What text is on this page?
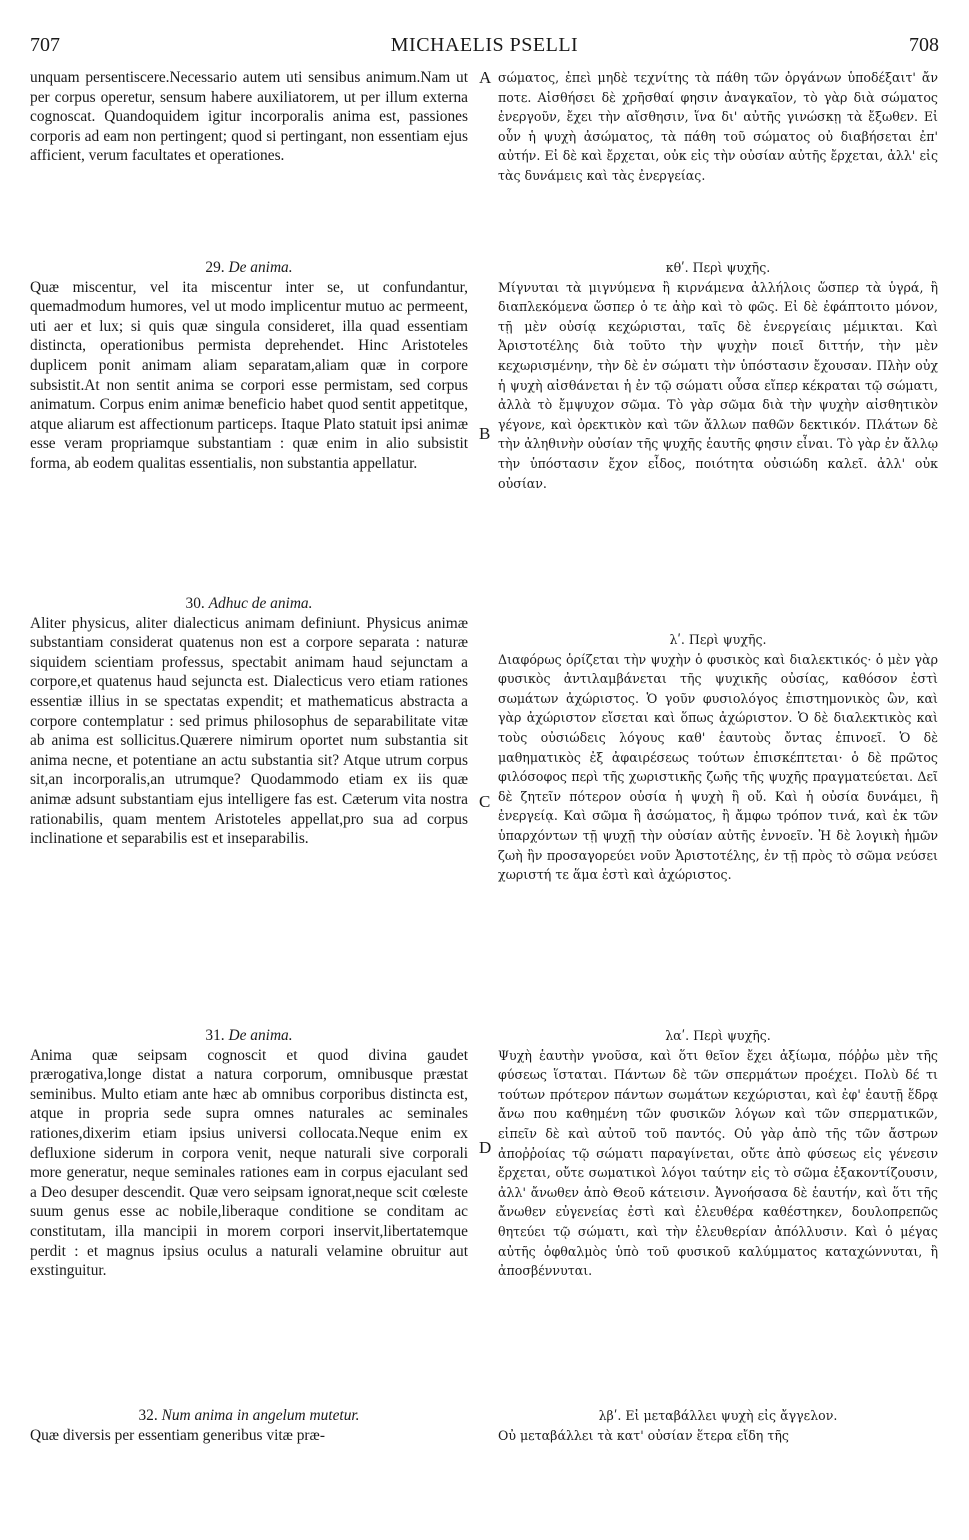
707	MICHAELIS PSELLI	708
A
B
C
D

unquam persentiscere.Necessario autem uti sensibus animum.Nam ut per corpus operetur, sensum habere auxiliatorem, ut per illum externa cognoscat. Quandoquidem igitur incorporalis anima est, passiones corporis ad eam non pertingent; quod si pertingant, non essentiam ejus afficient, verum facultates et operationes.

29. De anima.

Quæ miscentur, vel ita miscentur inter se, ut confundantur, quemadmodum humores, vel ut modo implicentur mutuo ac permeent, uti aer et lux; si quis quæ singula consideret, illa quad essentiam distincta, operationibus permista deprehendet. Hinc Aristoteles duplicem ponit animam aliam separatam,aliam quæ in corpore subsistit.At non sentit anima se corpori esse permistam, sed corpus animatum. Corpus enim animæ beneficio habet quod sentit appetitque, atque aliarum est affectionum particeps. Itaque Plato statuit ipsi animæ esse veram propriamque substantiam : quæ enim in alio subsistit forma, ab eodem qualitas essentialis, non substantia appellatur.

30. Adhuc de anima.

Aliter physicus, aliter dialecticus animam definiunt. Physicus animæ substantiam considerat quatenus non est a corpore separata : naturæ siquidem scientiam professus, spectabit animam haud sejunctam a corpore,et quatenus haud sejuncta est. Dialecticus vero etiam rationes essentiæ illius in se spectatas expendit; et mathematicus abstracta a corpore contemplatur : sed primus philosophus de separabilitate vitæ ab anima est sollicitus.Quærere nimirum oportet num substantia sit anima necne, et potentiane an actu substantia sit? Atque utrum corpus sit,an incorporalis,an utrumque? Quodammodo etiam ex iis quæ animæ adsunt substantiam ejus intelligere fas est. Cæterum vita nostra rationabilis, quam mentem Aristoteles appellat,pro sua ad corpus inclinatione et separabilis est et inseparabilis.

31. De anima.

Anima quæ seipsam cognoscit et quod divina gaudet prærogativa,longe distat a natura corporum, omnibusque præstat seminibus. Multo etiam ante hæc ab omnibus corporibus distincta est, atque in propria sede supra omnes naturales ac seminales rationes,dixerim etiam ipsius universi collocata.Neque enim ex defluxione siderum in corpora venit, neque naturali sive corporali more generatur, neque seminales rationes eam in corpus ejaculant sed a Deo desuper descendit. Quæ vero seipsam ignorat,neque scit cœleste suum genus esse ac nobile,liberaque conditione se conditam ac constitutam, illa mancipii in morem corpori inservit,libertatemque perdit : et magnus ipsius oculus a naturali velamine obruitur aut exstinguitur.

32. Num anima in angelum mutetur.

Quæ diversis per essentiam generibus vitæ præ-

σώματος, ἐπεὶ μηδὲ τεχνίτης τὰ πάθη τῶν ὀργάνων ὑποδέξαιτ' ἄν ποτε. Αἰσθήσει δὲ χρῆσθαί φησιν ἀναγκαῖον, τὸ γὰρ διὰ σώματος ἐνεργοῦν, ἔχει τὴν αἴσθησιν, ἵνα δι' αὐτῆς γινώσκῃ τὰ ἔξωθεν. Εἰ οὖν ἡ ψυχὴ ἀσώματος, τὰ πάθη τοῦ σώματος οὐ διαβήσεται ἐπ' αὐτήν. Εἰ δὲ καὶ ἔρχεται, οὐκ εἰς τὴν οὐσίαν αὐτῆς ἔρχεται, ἀλλ' εἰς τὰς δυνάμεις καὶ τὰς ἐνεργείας.

κθʹ. Περὶ ψυχῆς.

Μίγνυται τὰ μιγνύμενα ἢ κιρνάμενα ἀλλήλοις ὥσπερ τὰ ὑγρά, ἢ διαπλεκόμενα ὥσπερ ὁ τε ἀὴρ καὶ τὸ φῶς. Εἰ δὲ ἐφάπτοιτο μόνον, τῇ μὲν οὐσίᾳ κεχώρισται, ταῖς δὲ ἐνεργείαις μέμικται. Καὶ Ἀριστοτέλης διὰ τοῦτο τὴν ψυχὴν ποιεῖ διττήν, τὴν μὲν κεχωρισμένην, τὴν δὲ ἐν σώματι τὴν ὑπόστασιν ἔχουσαν. Πλὴν οὐχ ἡ ψυχὴ αἰσθάνεται ἡ ἐν τῷ σώματι οὖσα εἴπερ κέκραται τῷ σώματι, ἀλλὰ τὸ ἔμψυχον σῶμα. Τὸ γὰρ σῶμα διὰ τὴν ψυχὴν αἰσθητικὸν γέγονε, καὶ ὀρεκτικὸν καὶ τῶν ἄλλων παθῶν δεκτικόν. Πλάτων δὲ τὴν ἀληθινὴν οὐσίαν τῆς ψυχῆς ἑαυτῆς φησιν εἶναι. Τὸ γὰρ ἐν ἄλλῳ τὴν ὑπόστασιν ἔχον εἶδος, ποιότητα οὐσιώδη καλεῖ. ἀλλ' οὐκ οὐσίαν.

λʹ. Περὶ ψυχῆς.

Διαφόρως ὁρίζεται τὴν ψυχὴν ὁ φυσικὸς καὶ διαλεκτικός· ὁ μὲν γὰρ φυσικὸς ἀντιλαμβάνεται τῆς ψυχικῆς οὐσίας, καθόσον ἐστὶ σωμάτων ἀχώριστος. Ὁ γοῦν φυσιολόγος ἐπιστημονικὸς ὢν, καὶ γὰρ ἀχώριστον εἴσεται καὶ ὅπως ἀχώριστον. Ὁ δὲ διαλεκτικὸς καὶ τοὺς οὐσιώδεις λόγους καθ' ἑαυτοὺς ὄντας ἐπινοεῖ. Ὁ δὲ μαθηματικὸς ἐξ ἀφαιρέσεως τούτων ἐπισκέπτεται· ὁ δὲ πρῶτος φιλόσοφος περὶ τῆς χωριστικῆς ζωῆς τῆς ψυχῆς πραγματεύεται. Δεῖ δὲ ζητεῖν πότερον οὐσία ἡ ψυχὴ ἢ οὔ. Καὶ ἡ οὐσία δυνάμει, ἢ ἐνεργείᾳ. Καὶ σῶμα ἢ ἀσώματος, ἢ ἄμφω τρόπον τινά, καὶ ἐκ τῶν ὑπαρχόντων τῇ ψυχῇ τὴν οὐσίαν αὐτῆς ἐννοεῖν. Ἡ δὲ λογικὴ ἡμῶν ζωὴ ἣν προσαγορεύει νοῦν Ἀριστοτέλης, ἐν τῇ πρὸς τὸ σῶμα νεύσει χωριστή τε ἅμα ἐστὶ καὶ ἀχώριστος.

λαʹ. Περὶ ψυχῆς.

Ψυχὴ ἑαυτὴν γνοῦσα, καὶ ὅτι θεῖον ἔχει ἀξίωμα, πόῤῥω μὲν τῆς φύσεως ἵσταται. Πάντων δὲ τῶν σπερμάτων προέχει. Πολὺ δέ τι τούτων πρότερον πάντων σωμάτων κεχώρισται, καὶ ἐφ' ἑαυτῇ ἕδρᾳ ἄνω που καθημένη τῶν φυσικῶν λόγων καὶ τῶν σπερματικῶν, εἰπεῖν δὲ καὶ αὐτοῦ τοῦ παντός. Οὐ γὰρ ἀπὸ τῆς τῶν ἄστρων ἀποῤῥοίας τῷ σώματι παραγίνεται, οὔτε ἀπὸ φύσεως εἰς γένεσιν ἔρχεται, οὔτε σωματικοὶ λόγοι ταύτην εἰς τὸ σῶμα ἐξακοντίζουσιν, ἀλλ' ἄνωθεν ἀπὸ Θεοῦ κάτεισιν. Ἀγνοήσασα δὲ ἑαυτήν, καὶ ὅτι τῆς ἄνωθεν εὐγενείας ἐστὶ καὶ ἐλευθέρα καθέστηκεν, δουλοπρεπῶς θητεύει τῷ σώματι, καὶ τὴν ἐλευθερίαν ἀπόλλυσιν. Καὶ ὁ μέγας αὐτῆς ὀφθαλμὸς ὑπὸ τοῦ φυσικοῦ καλύμματος καταχώννυται, ἢ ἀποσβέννυται.

λβʹ. Εἰ μεταβάλλει ψυχὴ εἰς ἄγγελον.

Οὐ μεταβάλλει τὰ κατ' οὐσίαν ἕτερα εἴδη τῆς
